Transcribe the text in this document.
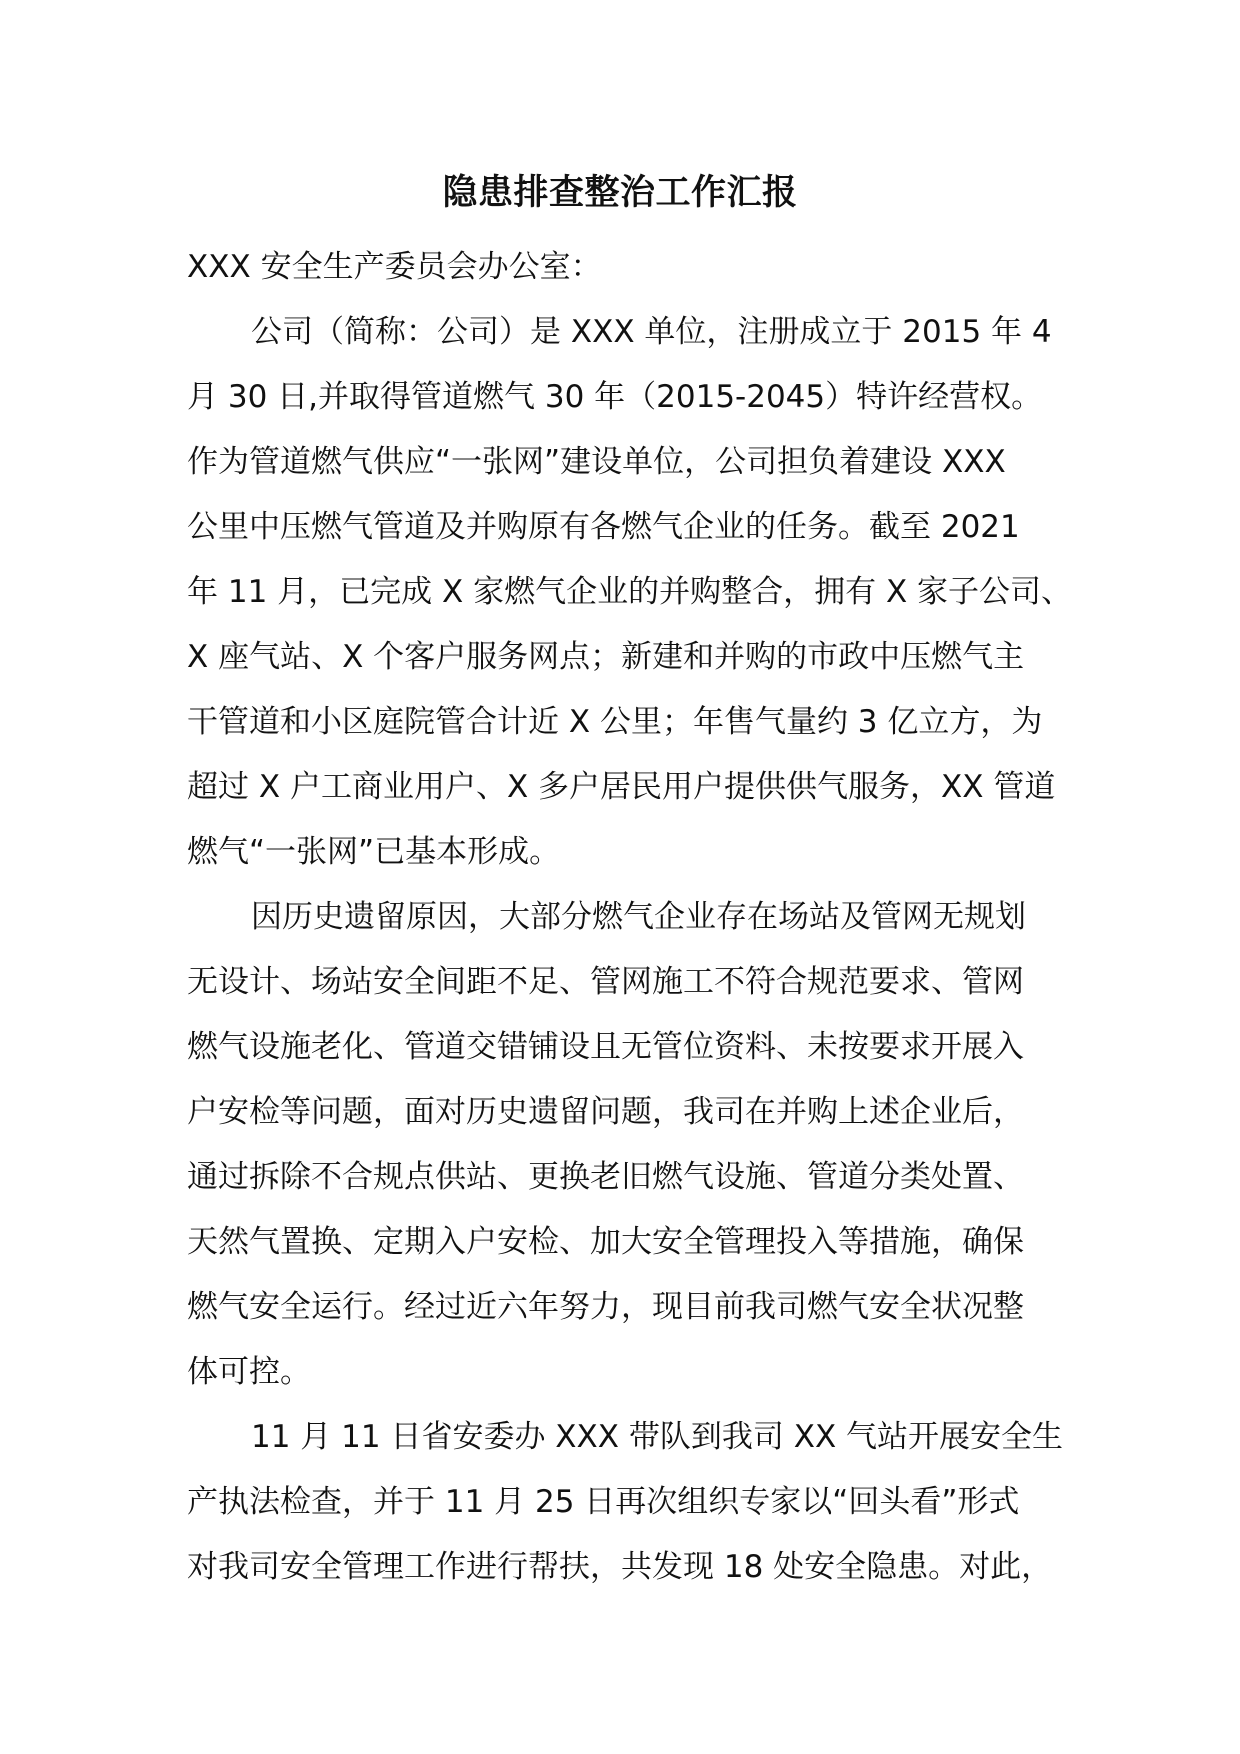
隐患排查整治工作汇报
XXX 安全生产委员会办公室：
公司（简称：公司）是 XXX 单位，注册成立于 2015 年 4
月 30 日,并取得管道燃气 30 年（2015-2045）特许经营权。
作为管道燃气供应“一张网”建设单位，公司担负着建设 XXX
公里中压燃气管道及并购原有各燃气企业的任务。截至 2021
年 11 月，已完成 X 家燃气企业的并购整合，拥有 X 家子公司、
X 座气站、X 个客户服务网点；新建和并购的市政中压燃气主
干管道和小区庭院管合计近 X 公里；年售气量约 3 亿立方，为
超过 X 户工商业用户、X 多户居民用户提供供气服务，XX 管道
燃气“一张网”已基本形成。
因历史遗留原因，大部分燃气企业存在场站及管网无规划
无设计、场站安全间距不足、管网施工不符合规范要求、管网
燃气设施老化、管道交错铺设且无管位资料、未按要求开展入
户安检等问题，面对历史遗留问题，我司在并购上述企业后，
通过拆除不合规点供站、更换老旧燃气设施、管道分类处置、
天然气置换、定期入户安检、加大安全管理投入等措施，确保
燃气安全运行。经过近六年努力，现目前我司燃气安全状况整
体可控。
11 月 11 日省安委办 XXX 带队到我司 XX 气站开展安全生
产执法检查，并于 11 月 25 日再次组织专家以“回头看”形式
对我司安全管理工作进行帮扶，共发现 18 处安全隐患。对此，
